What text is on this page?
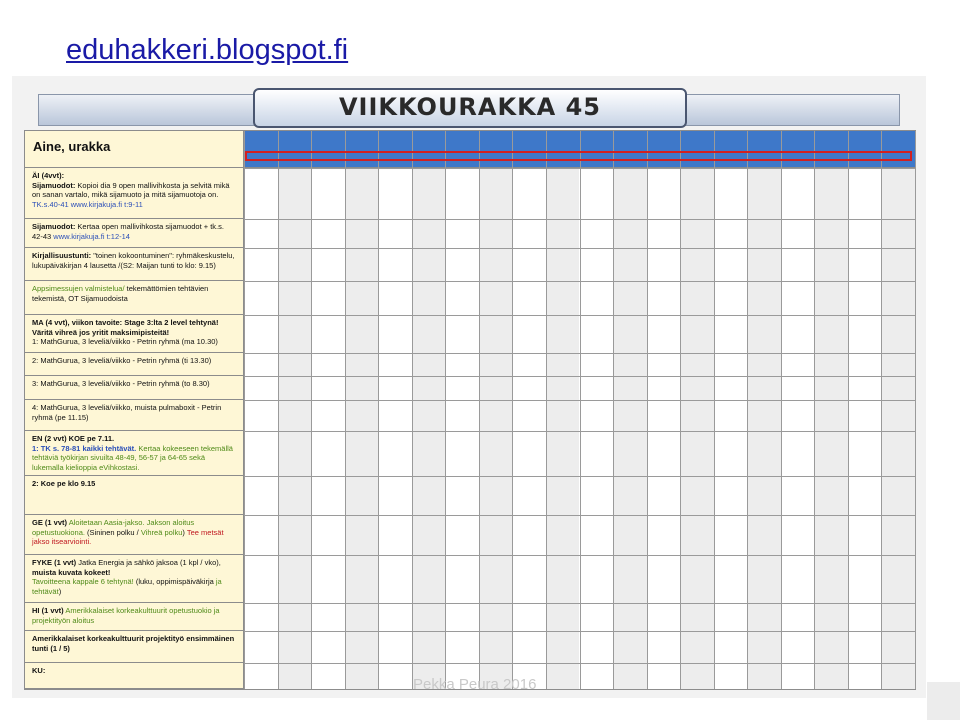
eduhakkeri.blogspot.fi
VIIKKOURAKKA 45
Aine, urakka
ÄI (4vvt):
Sijamuodot: Kopioi dia 9 open mallivihkosta ja selvitä mikä on sanan vartalo, mikä sijamuoto ja mitä sijamuotoja on. TK.s.40-41 www.kirjakuja.fi t:9-11
Sijamuodot: Kertaa open mallivihkosta sijamuodot + tk.s. 42-43 www.kirjakuja.fi t:12-14
Kirjallisuustunti: "toinen kokoontuminen": ryhmäkeskustelu, lukupäiväkirjan 4 lausetta /(S2: Maijan tunti to klo: 9.15)
Appsimessujen valmistelua/ tekemättömien tehtävien tekemistä, OT Sijamuodoista
MA (4 vvt), viikon tavoite: Stage 3:lta 2 level tehtynä!
Väritä vihreä jos yritit maksimipisteitä!
1: MathGurua, 3 leveliä/viikko - Petrin ryhmä (ma 10.30)
2: MathGurua, 3 leveliä/viikko - Petrin ryhmä (ti 13.30)
3: MathGurua, 3 leveliä/viikko - Petrin ryhmä (to 8.30)
4: MathGurua, 3 leveliä/viikko, muista pulmaboxit - Petrin ryhmä (pe 11.15)
EN (2 vvt) KOE pe 7.11.
1: TK s. 78-81 kaikki tehtävät. Kertaa kokeeseen tekemällä tehtäviä työkirjan sivuilta 48-49, 56-57 ja 64-65 sekä lukemalla kielioppia eVihkostasi.
2: Koe pe klo 9.15
GE (1 vvt) Aloitetaan Aasia-jakso. Jakson aloitus opetustuokiona. (Sininen polku / Vihreä polku) Tee metsät jakso itsearviointi.
FYKE (1 vvt) Jatka Energia ja sähkö jaksoa (1 kpl / vko), muista kuvata kokeet!
Tavoitteena kappale 6 tehtynä! (luku, oppimispäiväkirja ja tehtävät)
HI (1 vvt) Amerikkalaiset korkeakulttuurit opetustuokio ja projektityön aloitus
Amerikkalaiset korkeakulttuurit projektityö ensimmäinen tunti (1 / 5)
KU:
Pekka Peura 2016
